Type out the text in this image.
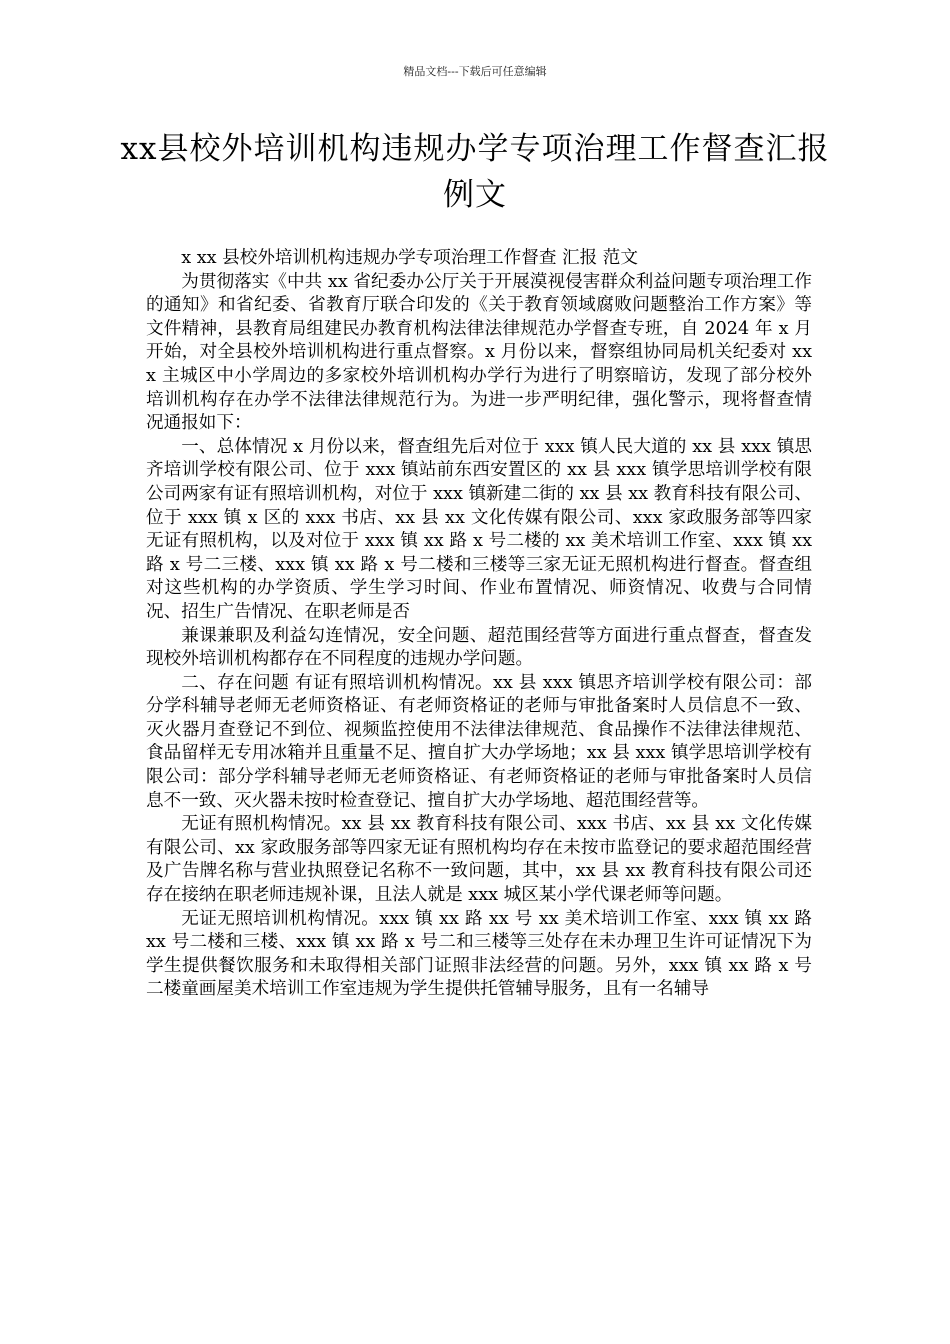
精品文档---下载后可任意编辑
xx县校外培训机构违规办学专项治理工作督查汇报例文

x xx 县校外培训机构违规办学专项治理工作督查 汇报 范文

为贯彻落实《中共 xx 省纪委办公厅关于开展漠视侵害群众利益问题专项治理工作的通知》和省纪委、省教育厅联合印发的《关于教育领域腐败问题整治工作方案》等文件精神，县教育局组建民办教育机构法律法律规范办学督查专班，自 2024 年 x 月开始，对全县校外培训机构进行重点督察。x 月份以来，督察组协同局机关纪委对 xxx 主城区中小学周边的多家校外培训机构办学行为进行了明察暗访，发现了部分校外培训机构存在办学不法律法律规范行为。为进一步严明纪律，强化警示，现将督查情况通报如下：

一、总体情况 x 月份以来，督查组先后对位于 xxx 镇人民大道的 xx 县 xxx 镇思齐培训学校有限公司、位于 xxx 镇站前东西安置区的 xx 县 xxx 镇学思培训学校有限公司两家有证有照培训机构，对位于 xxx 镇新建二街的 xx 县 xx 教育科技有限公司、位于 xxx 镇 x 区的 xxx 书店、xx 县 xx 文化传媒有限公司、xxx 家政服务部等四家无证有照机构，以及对位于 xxx 镇 xx 路 x 号二楼的 xx 美术培训工作室、xxx 镇 xx路 x 号二三楼、xxx 镇 xx 路 x 号二楼和三楼等三家无证无照机构进行督查。督查组对这些机构的办学资质、学生学习时间、作业布置情况、师资情况、收费与合同情况、招生广告情况、在职老师是否

兼课兼职及利益勾连情况，安全问题、超范围经营等方面进行重点督查，督查发现校外培训机构都存在不同程度的违规办学问题。

二、存在问题 有证有照培训机构情况。xx 县 xxx 镇思齐培训学校有限公司：部分学科辅导老师无老师资格证、有老师资格证的老师与审批备案时人员信息不一致、灭火器月查登记不到位、视频监控使用不法律法律规范、食品操作不法律法律规范、食品留样无专用冰箱并且重量不足、擅自扩大办学场地；xx 县 xxx 镇学思培训学校有限公司：部分学科辅导老师无老师资格证、有老师资格证的老师与审批备案时人员信息不一致、灭火器未按时检查登记、擅自扩大办学场地、超范围经营等。

无证有照机构情况。xx 县 xx 教育科技有限公司、xxx 书店、xx 县 xx 文化传媒有限公司、xx 家政服务部等四家无证有照机构均存在未按市监登记的要求超范围经营及广告牌名称与营业执照登记名称不一致问题，其中，xx 县 xx 教育科技有限公司还存在接纳在职老师违规补课，且法人就是 xxx 城区某小学代课老师等问题。

无证无照培训机构情况。xxx 镇 xx 路 xx 号 xx 美术培训工作室、xxx 镇 xx 路 xx 号二楼和三楼、xxx 镇 xx 路 x 号二和三楼等三处存在未办理卫生许可证情况下为学生提供餐饮服务和未取得相关部门证照非法经营的问题。另外，xxx 镇 xx 路 x 号二楼童画屋美术培训工作室违规为学生提供托管辅导服务，且有一名辅导
